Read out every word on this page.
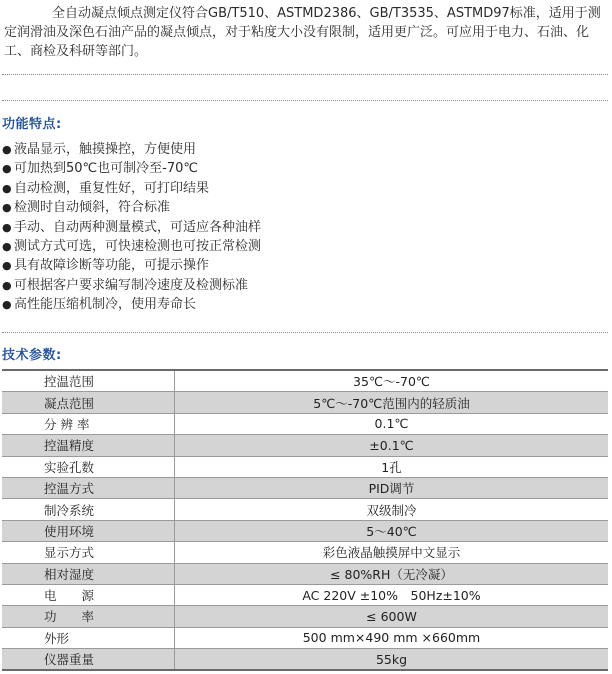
全自动凝点倾点测定仪符合GB/T510、ASTMD2386、GB/T3535、ASTMD97标准，适用于测定润滑油及深色石油产品的凝点倾点，对于粘度大小没有限制，适用更广泛。可应用于电力、石油、化工、商检及科研等部门。

功能特点:
● 液晶显示，触摸操控，方便使用
● 可加热到50℃也可制冷至-70℃
● 自动检测，重复性好，可打印结果
● 检测时自动倾斜，符合标准
● 手动、自动两种测量模式，可适应各种油样
● 测试方式可选，可快速检测也可按正常检测
● 具有故障诊断等功能，可提示操作
● 可根据客户要求编写制冷速度及检测标准
● 高性能压缩机制冷，使用寿命长
技术参数:
控温范围	35℃～-70℃
凝点范围	5℃～-70℃范围内的轻质油
分 辨 率	0.1℃
控温精度	±0.1℃
实验孔数	1孔
控温方式	PID调节
制冷系统	双级制冷
使用环境	5～40℃
显示方式	彩色液晶触摸屏中文显示
相对湿度	≤ 80%RH（无冷凝）
电　　源	AC 220V ±10%　50Hz±10%
功　　率	≤ 600W
外形	500 mm×490 mm ×660mm
仪器重量	55kg
